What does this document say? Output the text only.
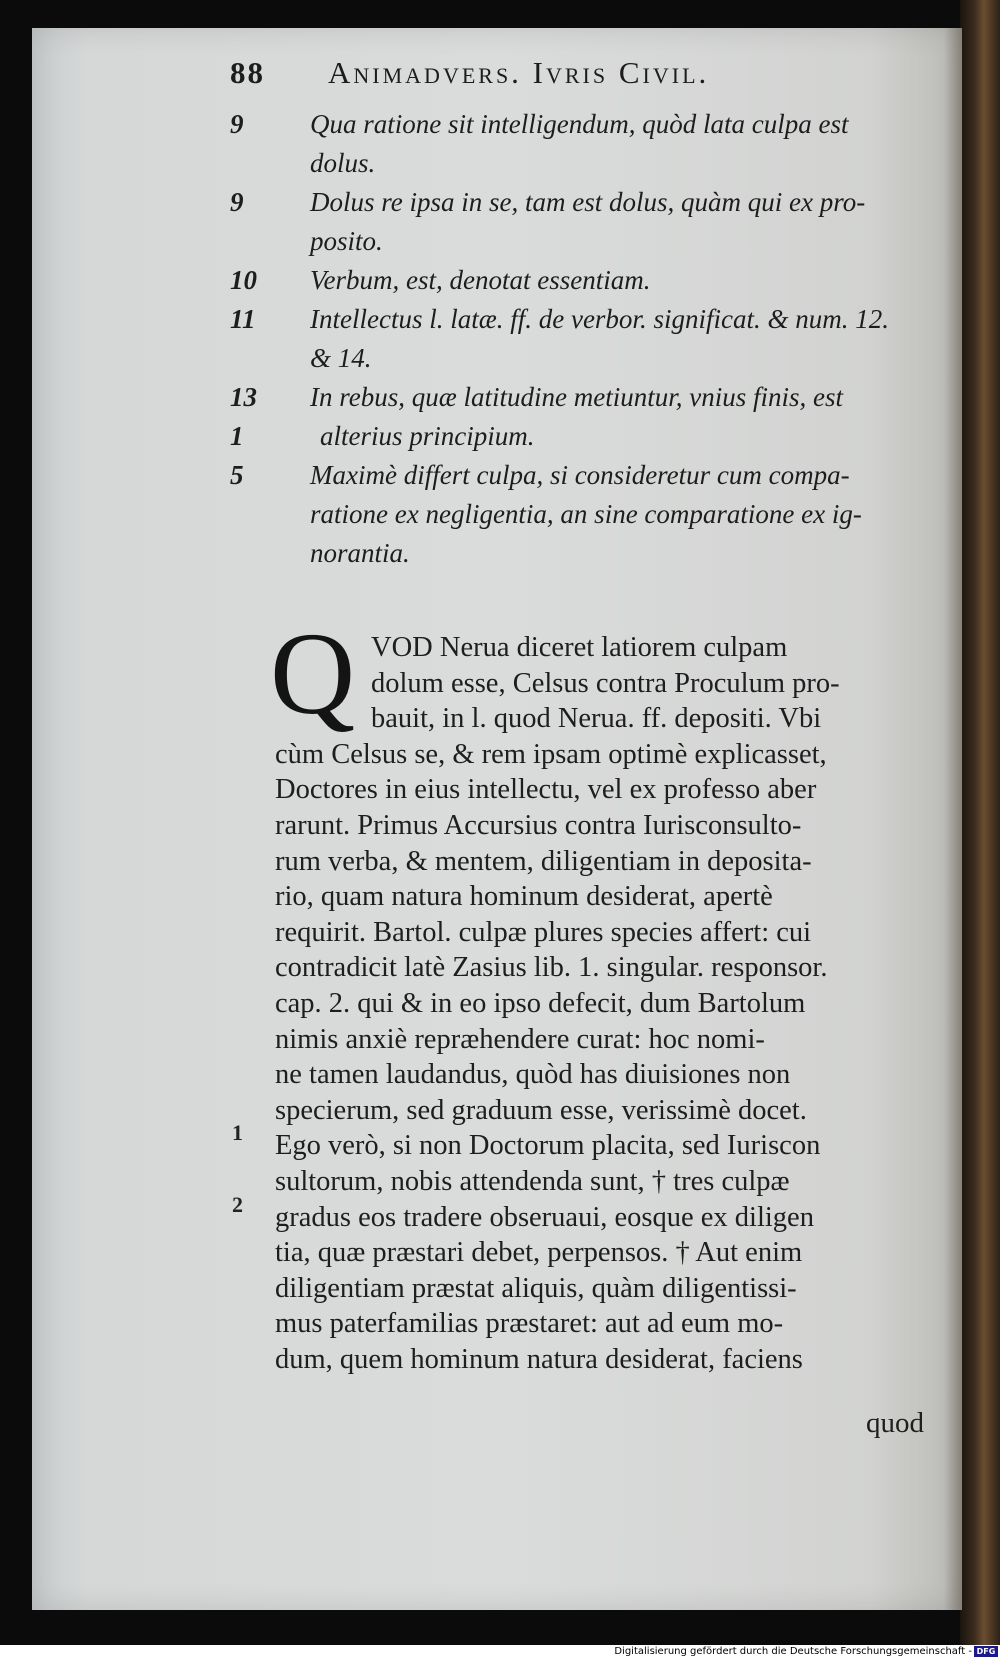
88 Animadvers. Ivris Civil.
9	Qua ratione sit intelligendum, quòd lata culpa est
dolus.
9	Dolus re ipsa in se, tam est dolus, quàm qui ex pro-
posito.
10	Verbum, est, denotat essentiam.
11	Intellectus l. latæ. ff. de verbor. significat. & num. 12.
& 14.
13	In rebus, quæ latitudine metiuntur, vnius finis, est
1	alterius principium.
5	Maximè differt culpa, si consideretur cum compa-
ratione ex negligentia, an sine comparatione ex ig-
norantia.
Q VOD Nerua diceret latiorem culpam
dolum esse, Celsus contra Proculum pro-
bauit, in l. quod Nerua. ff. depositi. Vbi
cùm Celsus se, & rem ipsam optimè explicasset,
Doctores in eius intellectu, vel ex professo aber
rarunt. Primus Accursius contra Iurisconsulto-
rum verba, & mentem, diligentiam in deposita-
rio, quam natura hominum desiderat, apertè
requirit. Bartol. culpæ plures species affert: cui
contradicit latè Zasius lib. 1. singular. responsor.
cap. 2. qui & in eo ipso defecit, dum Bartolum
nimis anxiè repræhendere curat: hoc nomi-
ne tamen laudandus, quòd has diuisiones non
specierum, sed graduum esse, verissimè docet.
Ego verò, si non Doctorum placita, sed Iuriscon
sultorum, nobis attendenda sunt, † tres culpæ
gradus eos tradere obseruaui, eosque ex diligen
tia, quæ præstari debet, perpensos. † Aut enim
diligentiam præstat aliquis, quàm diligentissi-
mus paterfamilias præstaret: aut ad eum mo-
dum, quem hominum natura desiderat, faciens
1
2
quod
Digitalisierung gefördert durch die Deutsche Forschungsgemeinschaft - DFG
